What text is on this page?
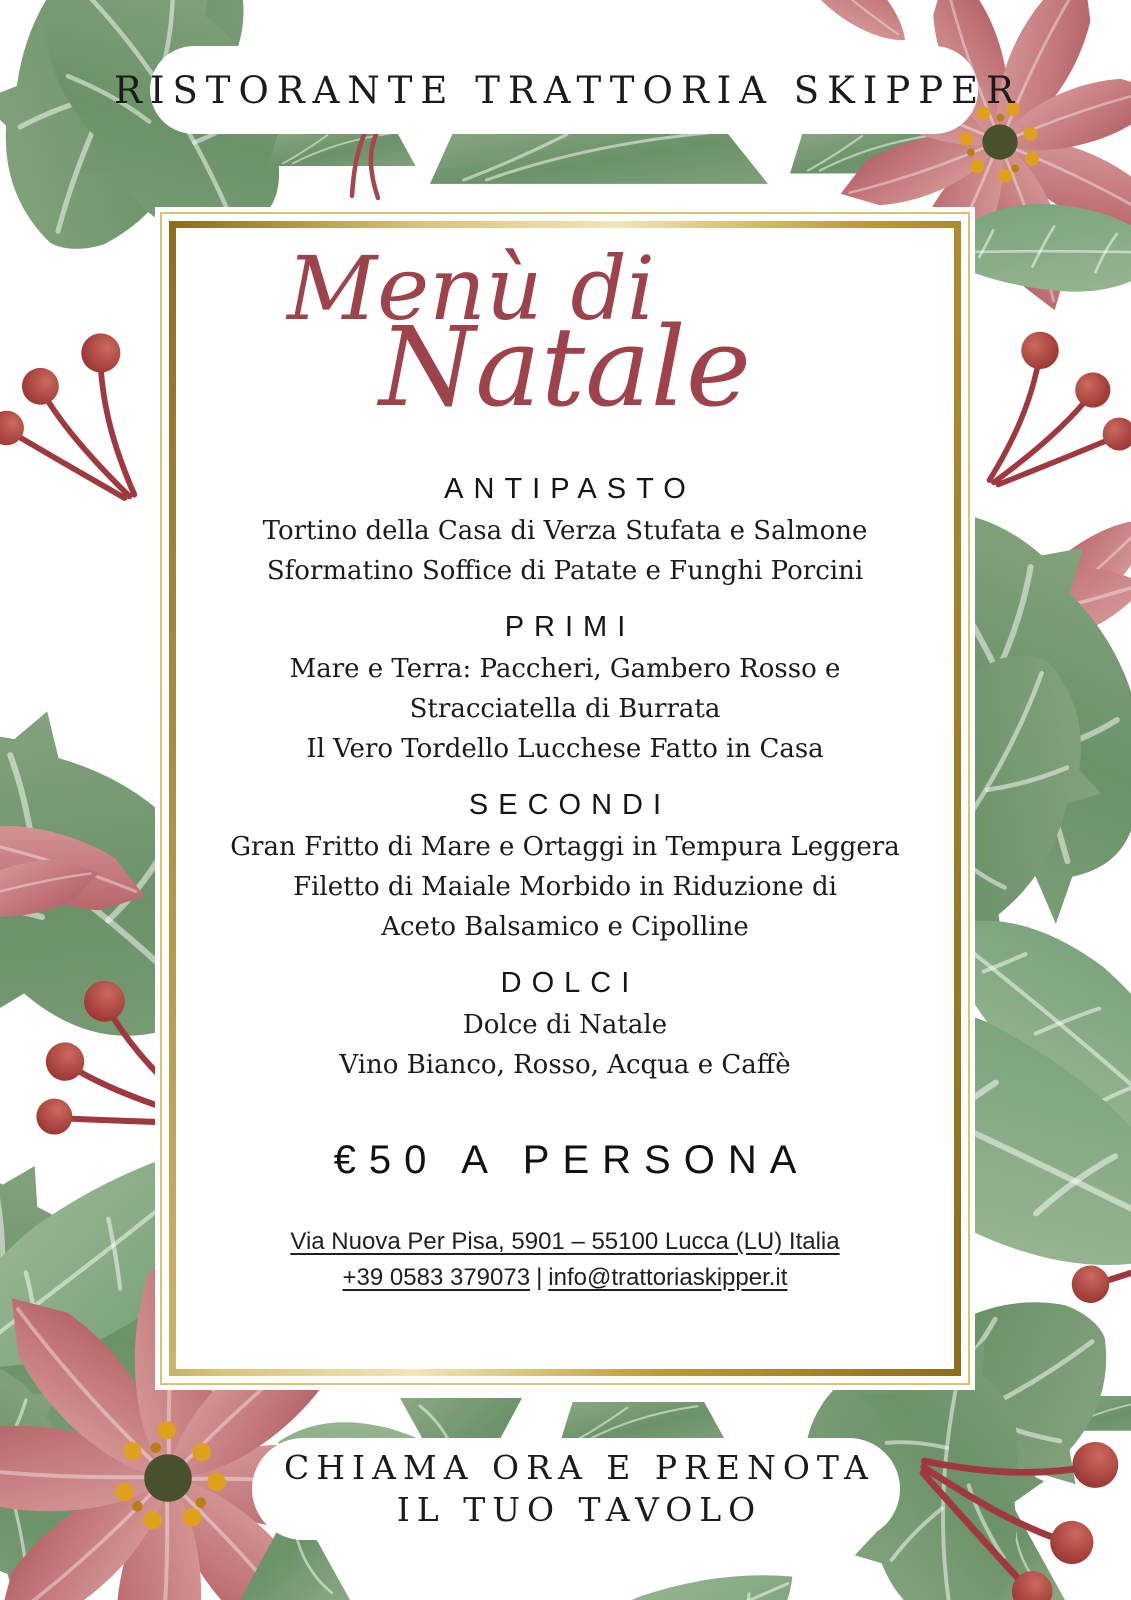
RISTORANTE TRATTORIA SKIPPER
Menù di
Natale
ANTIPASTO
Tortino della Casa di Verza Stufata e Salmone
Sformatino Soffice di Patate e Funghi Porcini
PRIMI
Mare e Terra: Paccheri, Gambero Rosso e
Stracciatella di Burrata
Il Vero Tordello Lucchese Fatto in Casa
SECONDI
Gran Fritto di Mare e Ortaggi in Tempura Leggera
Filetto di Maiale Morbido in Riduzione di
Aceto Balsamico e Cipolline
DOLCI
Dolce di Natale
Vino Bianco, Rosso, Acqua e Caffè
€50 A PERSONA
Via Nuova Per Pisa, 5901 – 55100 Lucca (LU) Italia
+39 0583 379073 | info@trattoriaskipper.it
CHIAMA ORA E PRENOTA
IL TUO TAVOLO
